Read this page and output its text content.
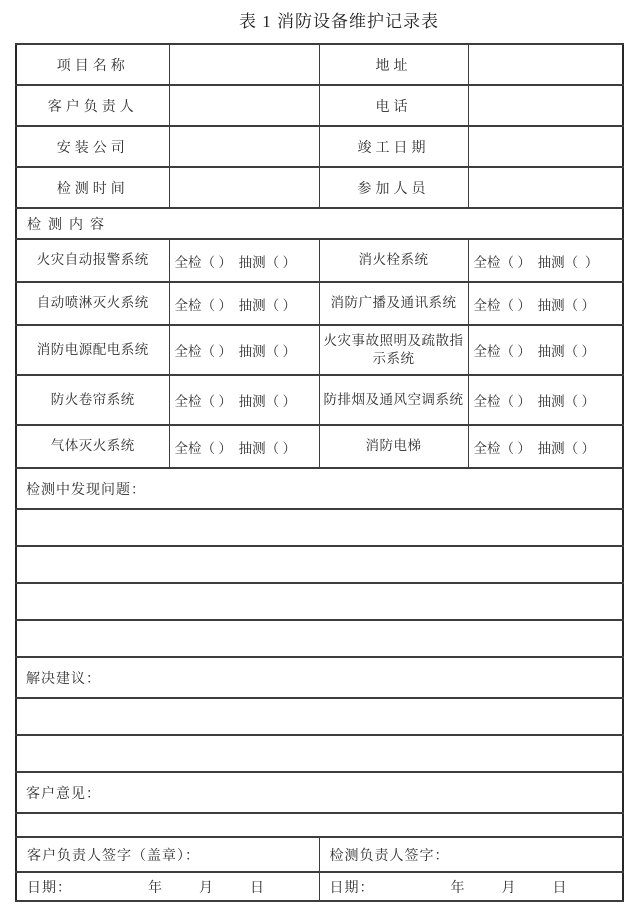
表 1 消防设备维护记录表
项目名称		地址	
客户负责人		电话	
安装公司		竣工日期	
检测时间		参加人员	
检  测  内  容			
火灾自动报警系统	全检（ ）  抽测（ ）	消火栓系统	全检（ ）  抽测（  ）
自动喷淋灭火系统	全检（ ）  抽测（ ）	消防广播及通讯系统	全检（ ）  抽测（ ）
消防电源配电系统	全检（ ）  抽测（ ）	火灾事故照明及疏散指示系统	全检（ ）  抽测（ ）
防火卷帘系统	全检（ ）  抽测（ ）	防排烟及通风空调系统	全检（ ）  抽测（ ）
气体灭火系统	全检（ ）  抽测（ ）	消防电梯	全检（ ）  抽测（ ）
检测中发现问题：			

解决建议：			

客户意见：			

客户负责人签字（盖章）：		检测负责人签字：	

日期： 年 月 日		日期： 年 月 日	
